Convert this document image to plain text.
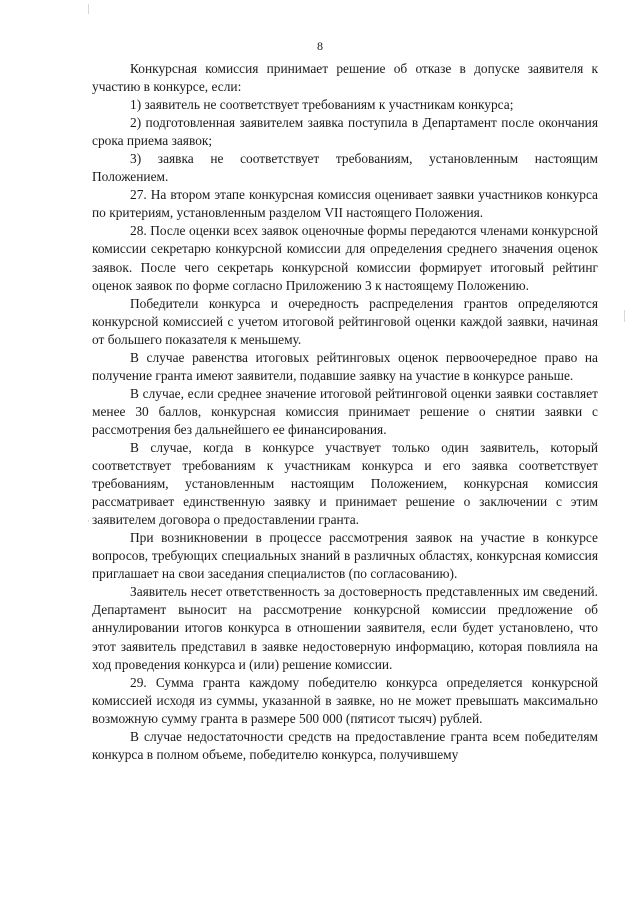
8

Конкурсная комиссия принимает решение об отказе в допуске заявителя к участию в конкурсе, если:

1) заявитель не соответствует требованиям к участникам конкурса;

2) подготовленная заявителем заявка поступила в Департамент после окончания срока приема заявок;

3) заявка не соответствует требованиям, установленным настоящим Положением.

27. На втором этапе конкурсная комиссия оценивает заявки участников конкурса по критериям, установленным разделом VII настоящего Положения.

28. После оценки всех заявок оценочные формы передаются членами конкурсной комиссии секретарю конкурсной комиссии для определения среднего значения оценок заявок. После чего секретарь конкурсной комиссии формирует итоговый рейтинг оценок заявок по форме согласно Приложению 3 к настоящему Положению.

Победители конкурса и очередность распределения грантов определяются конкурсной комиссией с учетом итоговой рейтинговой оценки каждой заявки, начиная от большего показателя к меньшему.

В случае равенства итоговых рейтинговых оценок первоочередное право на получение гранта имеют заявители, подавшие заявку на участие в конкурсе раньше.

В случае, если среднее значение итоговой рейтинговой оценки заявки составляет менее 30 баллов, конкурсная комиссия принимает решение о снятии заявки с рассмотрения без дальнейшего ее финансирования.

В случае, когда в конкурсе участвует только один заявитель, который соответствует требованиям к участникам конкурса и его заявка соответствует требованиям, установленным настоящим Положением, конкурсная комиссия рассматривает единственную заявку и принимает решение о заключении с этим заявителем договора о предоставлении гранта.

При возникновении в процессе рассмотрения заявок на участие в конкурсе вопросов, требующих специальных знаний в различных областях, конкурсная комиссия приглашает на свои заседания специалистов (по согласованию).

Заявитель несет ответственность за достоверность представленных им сведений. Департамент выносит на рассмотрение конкурсной комиссии предложение об аннулировании итогов конкурса в отношении заявителя, если будет установлено, что этот заявитель представил в заявке недостоверную информацию, которая повлияла на ход проведения конкурса и (или) решение комиссии.

29. Сумма гранта каждому победителю конкурса определяется конкурсной комиссией исходя из суммы, указанной в заявке, но не может превышать максимально возможную сумму гранта в размере 500 000 (пятисот тысяч) рублей.

В случае недостаточности средств на предоставление гранта всем победителям конкурса в полном объеме, победителю конкурса, получившему
